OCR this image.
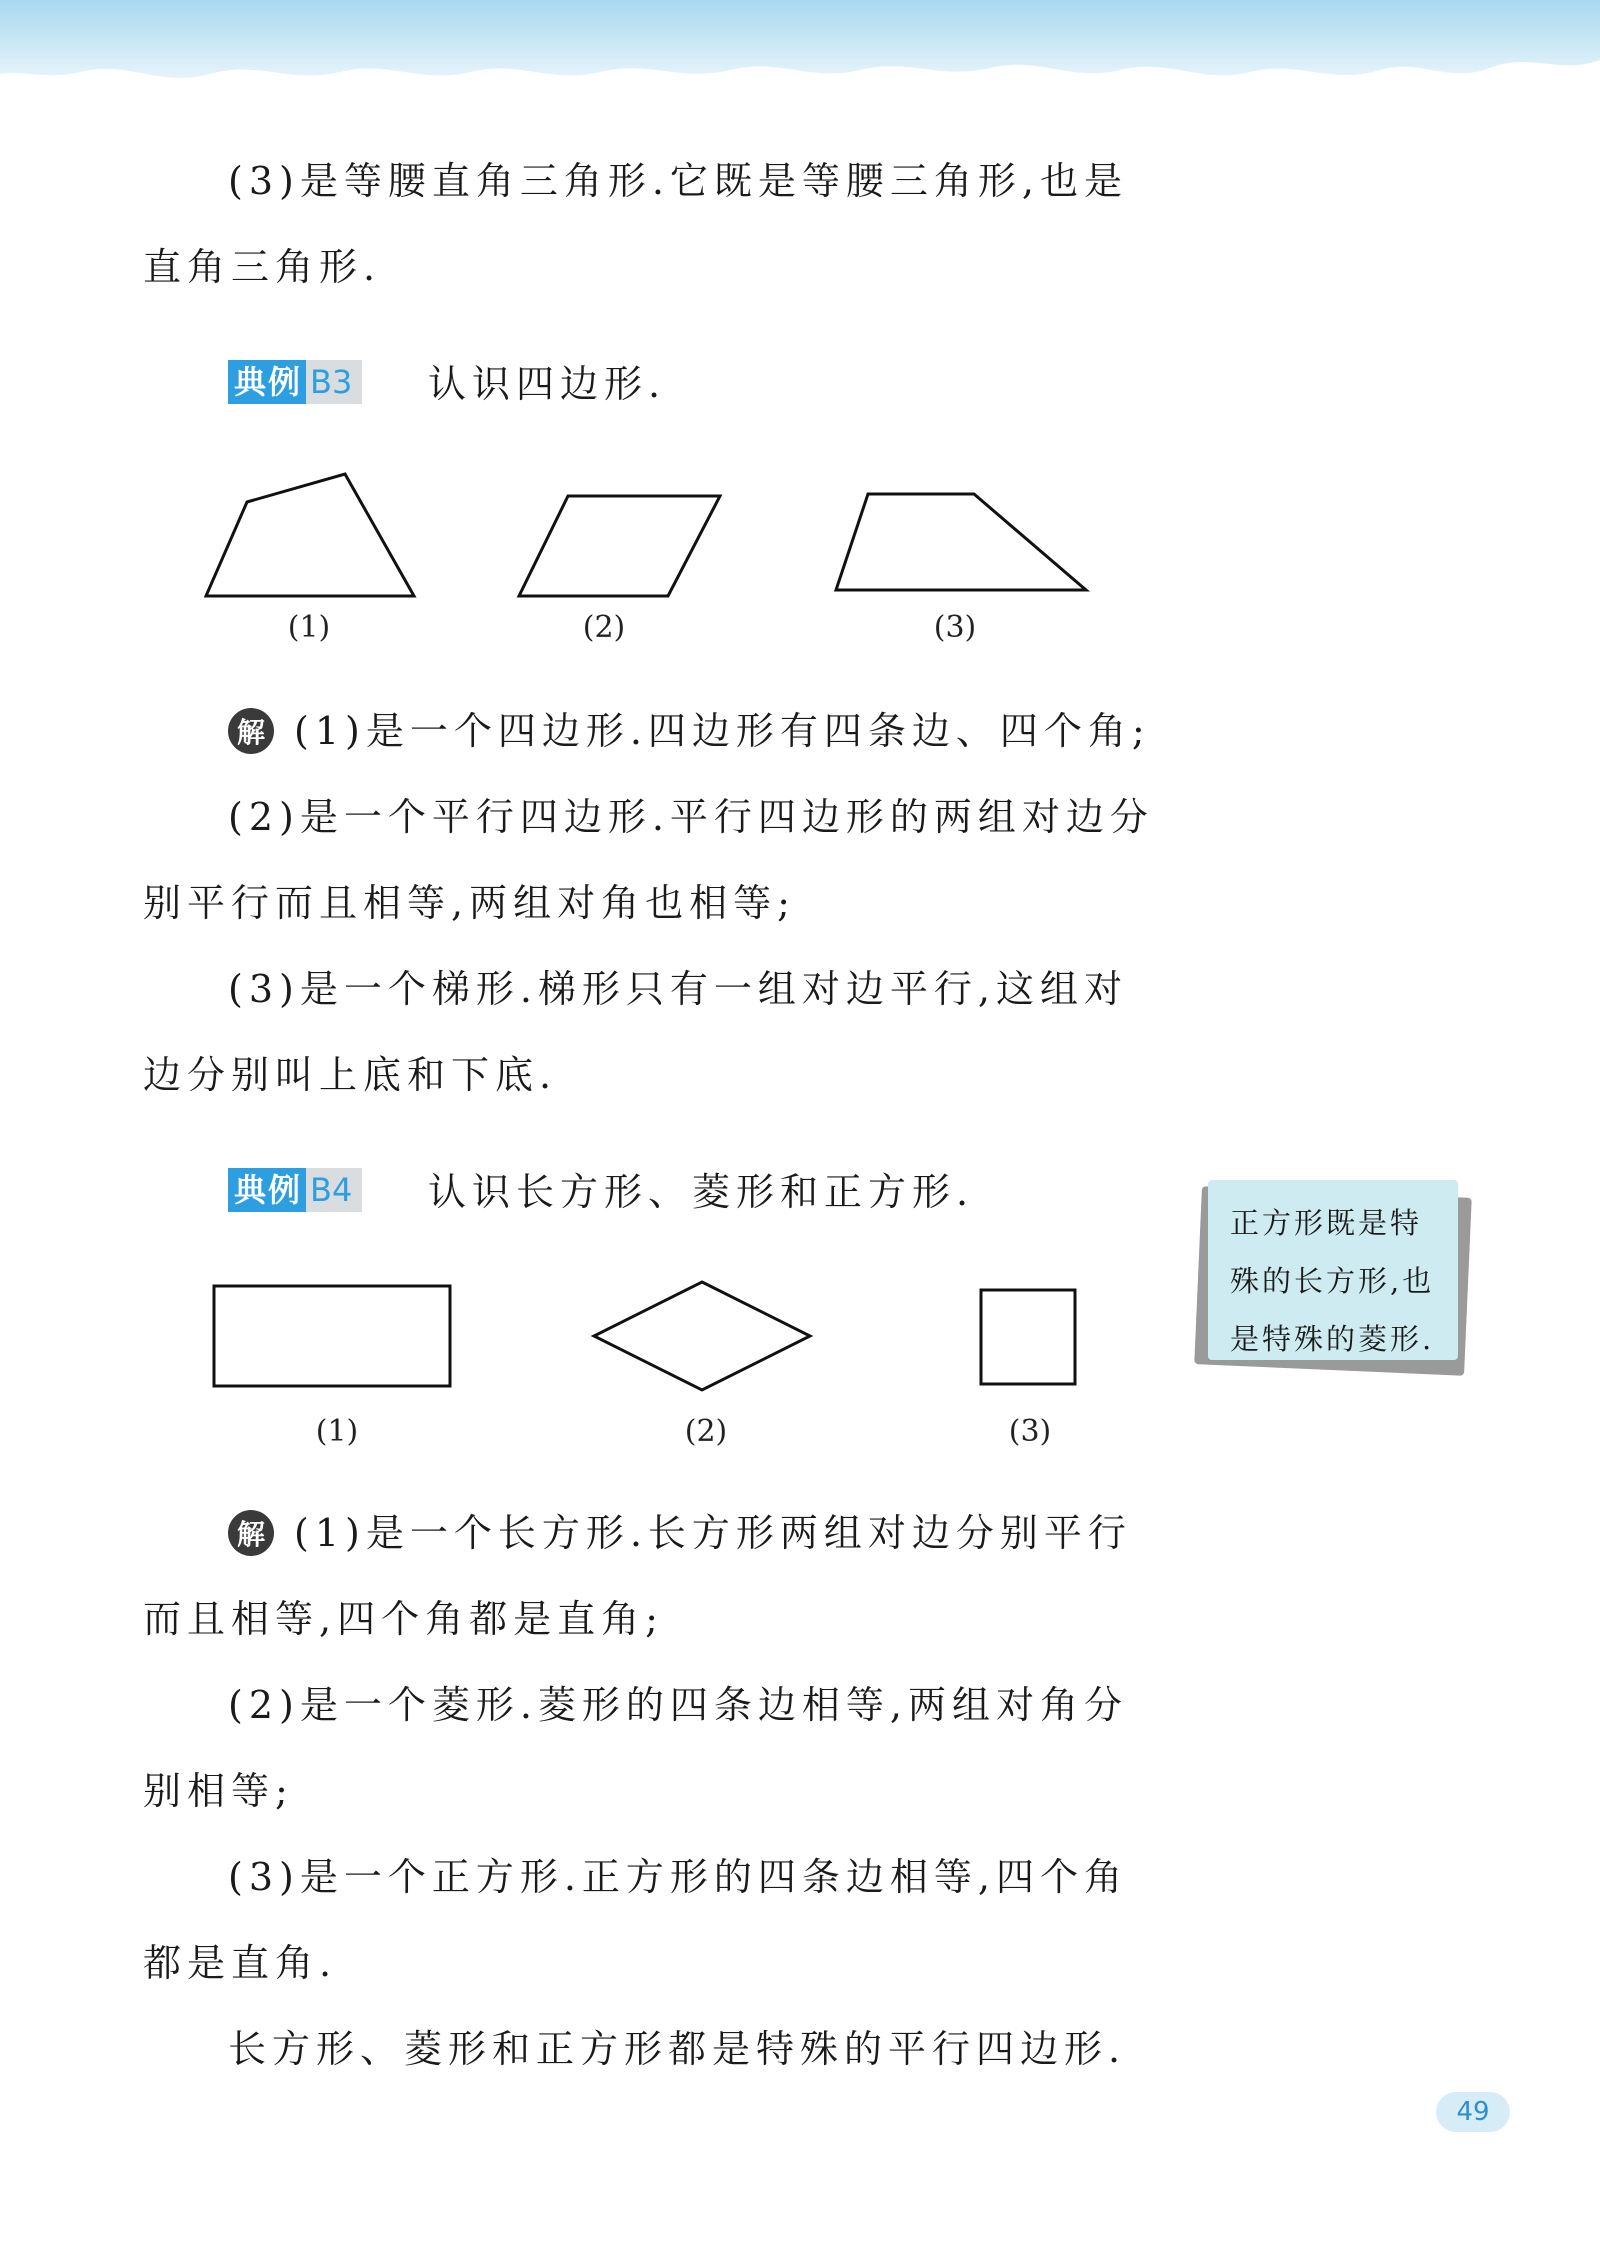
(3)是等腰直角三角形.它既是等腰三角形,也是
直角三角形.
典例 B3 认识四边形.
(1)	(2)	(3)
解 (1)是一个四边形.四边形有四条边、四个角;
(2)是一个平行四边形.平行四边形的两组对边分
别平行而且相等,两组对角也相等;
(3)是一个梯形.梯形只有一组对边平行,这组对
边分别叫上底和下底.
典例 B4 认识长方形、菱形和正方形.
(1)	(2)	(3)
解 (1)是一个长方形.长方形两组对边分别平行
而且相等,四个角都是直角;
(2)是一个菱形.菱形的四条边相等,两组对角分
别相等;
(3)是一个正方形.正方形的四条边相等,四个角
都是直角.
长方形、菱形和正方形都是特殊的平行四边形.
正方形既是特
殊的长方形,也
是特殊的菱形.
49
